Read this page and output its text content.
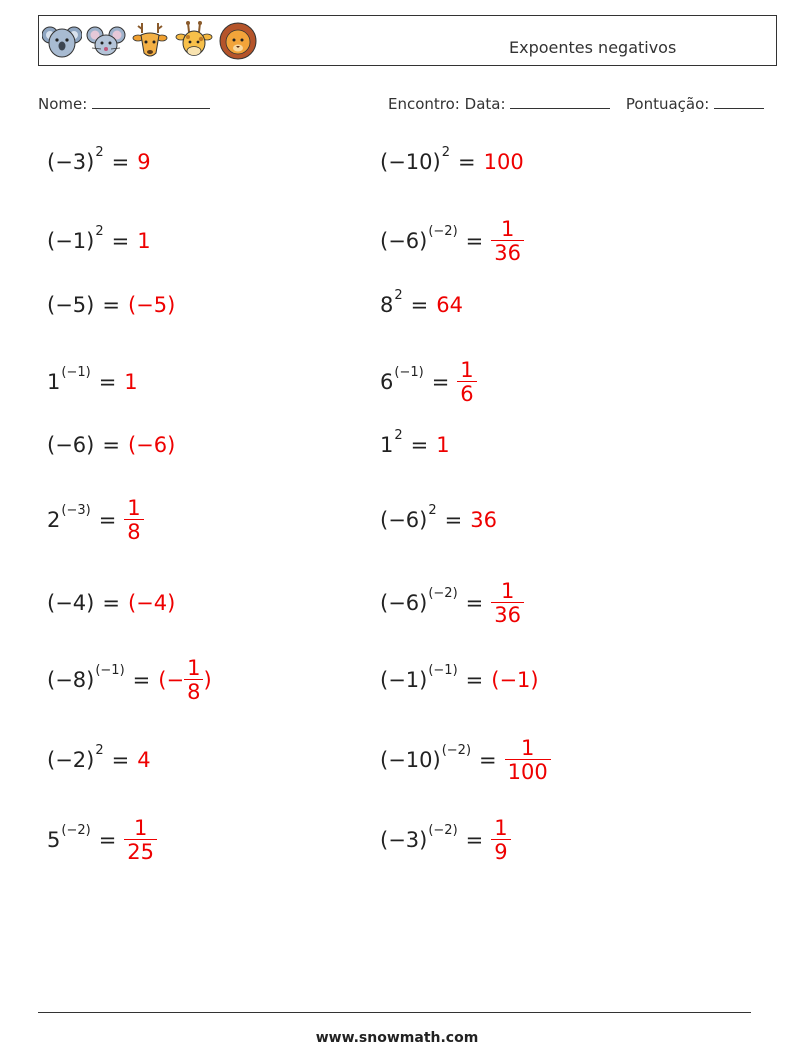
Expoentes negativos
Nome:	Encontro: Data:	Pontuação:
(−3) 2 = 9	(−10) 2 = 100
(−1) 2 = 1	(−6) $(-2) = \frac{1}{36}$
(−5) = (−5)	8 2 = 64
1 (−1) = 1	6 $(-1) = \frac{1}{6}$
(−6) = (−6)	1 2 = 1
2 $(-3) = \frac{1}{8}$	(−6) 2 = 36
(−4) = (−4)	(−6) $(-2) = \frac{1}{36}$
(−8) (−1) = (− $\frac{1}{8}$ )	(−1) (−1) = (−1)
(−2) 2 = 4	(−10) $(-2) = \frac{1}{100}$
5 $(-2) = \frac{1}{25}$	(−3) $(-2) = \frac{1}{9}$
www.snowmath.com
